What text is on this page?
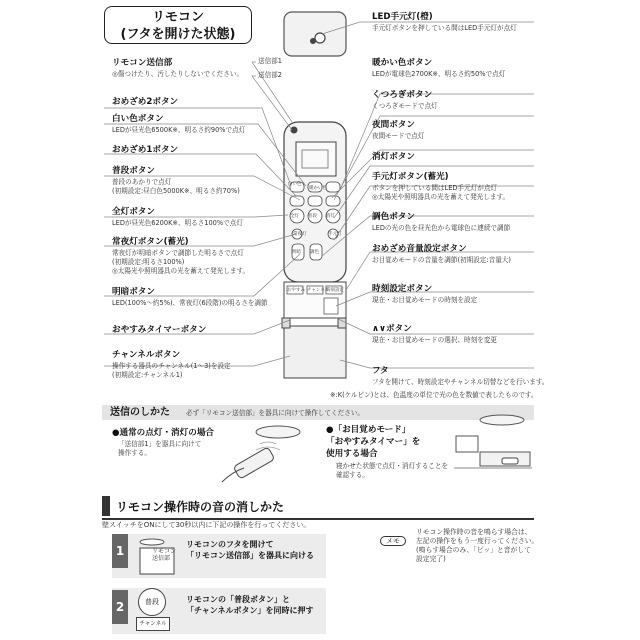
リモコン
(フタを開けた状態)
送信部1
送信部2
リモコン送信部
◎傷つけたり、汚したりしないでください。
おめざめ2ボタン
白い色ボタン
LEDが昼光色6500K※、明るさ約90%で点灯
おめざめ1ボタン
普段ボタン
普段のあかりで点灯
(初期設定:昼白色5000K※、明るさ約70%)
全灯ボタン
LEDが昼光色6200K※、明るさ100%で点灯
常夜灯ボタン(蓄光)
常夜灯が明暗ボタンで調節した明るさで点灯
(初期設定:明るさ100%)
◎太陽光や照明器具の光を蓄えて発光します。
明暗ボタン
LED(100%〜約5%)、常夜灯(6段階)の明るさを調節
おやすみタイマーボタン
チャンネルボタン
操作する器具のチャンネル(1〜3)を設定
(初期設定:チャンネル1)
LED手元灯(橙)
手元灯ボタンを押している間はLED手元灯が点灯
暖かい色ボタン
LEDが電球色2700K※、明るさ約50%で点灯
くつろぎボタン
くつろぎモードで点灯
夜間ボタン
夜間モードで点灯
消灯ボタン
手元灯ボタン(蓄光)
ボタンを押している間はLED手元灯が点灯
◎太陽光や照明器具の光を蓄えて発光します。
調色ボタン
LEDの光の色を昼光色から電球色に連続で調節
おめざめ音量設定ボタン
お目覚めモードの音量を調節(初期設定:音量大)
時刻設定ボタン
現在・お目覚めモードの時刻を設定
∧∨ボタン
現在・お目覚めモードの選択、時刻を変更
フタ
フタを開けて、時刻設定やチャンネル切替などを行います。
※:K(ケルビン)とは、色温度の単位で光の色を数値で表したものです。
送信のしかた 必ず「リモコン送信部」を器具に向けて操作してください。
●通常の点灯・消灯の場合
「送信部1」を器具に向けて
操作する。
●「お目覚めモード」
「おやすみタイマー」を
使用する場合
寝かせた状態で点灯・消灯することを
確認する。
リモコン操作時の音の消しかた
壁スイッチをONにして30秒以内に下記の操作を行ってください。
メモ
リモコン操作時の音を鳴らす場合は、
左記の操作をもう一度行ってください。
(鳴らす場合のみ、「ピッ」と音がして
設定完了)
1	リモコン
送信部
リモコンのフタを開けて
「リモコン送信部」を器具に向ける
2	普段
チャンネル
リモコンの「普段ボタン」と
「チャンネルボタン」を同時に押す
白い色
暖かい色
全灯 普段 消灯
常夜灯	手元灯
明暗 調色
おやすみ チャンネル
時刻設定
